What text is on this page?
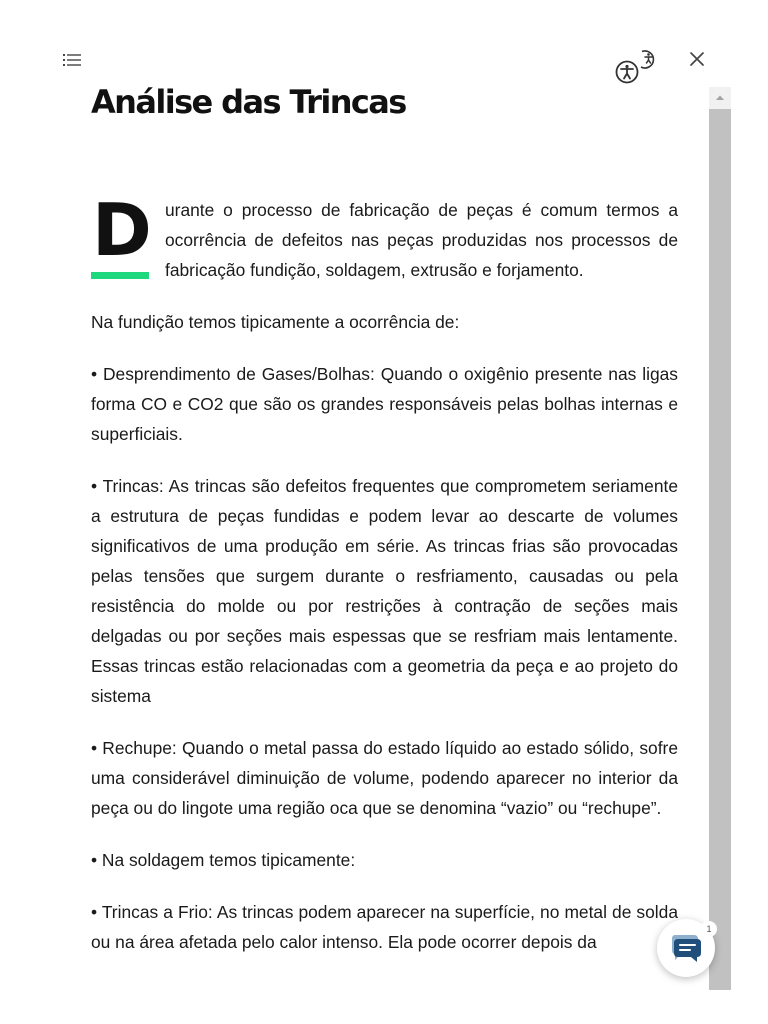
Análise das Trincas

D urante o processo de fabricação de peças é comum termos a ocorrência de defeitos nas peças produzidas nos processos de fabricação fundição, soldagem, extrusão e forjamento.

Na fundição temos tipicamente a ocorrência de:

• Desprendimento de Gases/Bolhas: Quando o oxigênio presente nas ligas forma CO e CO2 que são os grandes responsáveis pelas bolhas internas e superficiais.

• Trincas: As trincas são defeitos frequentes que comprometem seriamente a estrutura de peças fundidas e podem levar ao descarte de volumes significativos de uma produção em série. As trincas frias são provocadas pelas tensões que surgem durante o resfriamento, causadas ou pela resistência do molde ou por restrições à contração de seções mais delgadas ou por seções mais espessas que se resfriam mais lentamente. Essas trincas estão relacionadas com a geometria da peça e ao projeto do sistema

• Rechupe: Quando o metal passa do estado líquido ao estado sólido, sofre uma considerável diminuição de volume, podendo aparecer no interior da peça ou do lingote uma região oca que se denomina “vazio” ou “rechupe”.

• Na soldagem temos tipicamente:

• Trincas a Frio: As trincas podem aparecer na superfície, no metal de solda ou na área afetada pelo calor intenso. Ela pode ocorrer depois da

1
